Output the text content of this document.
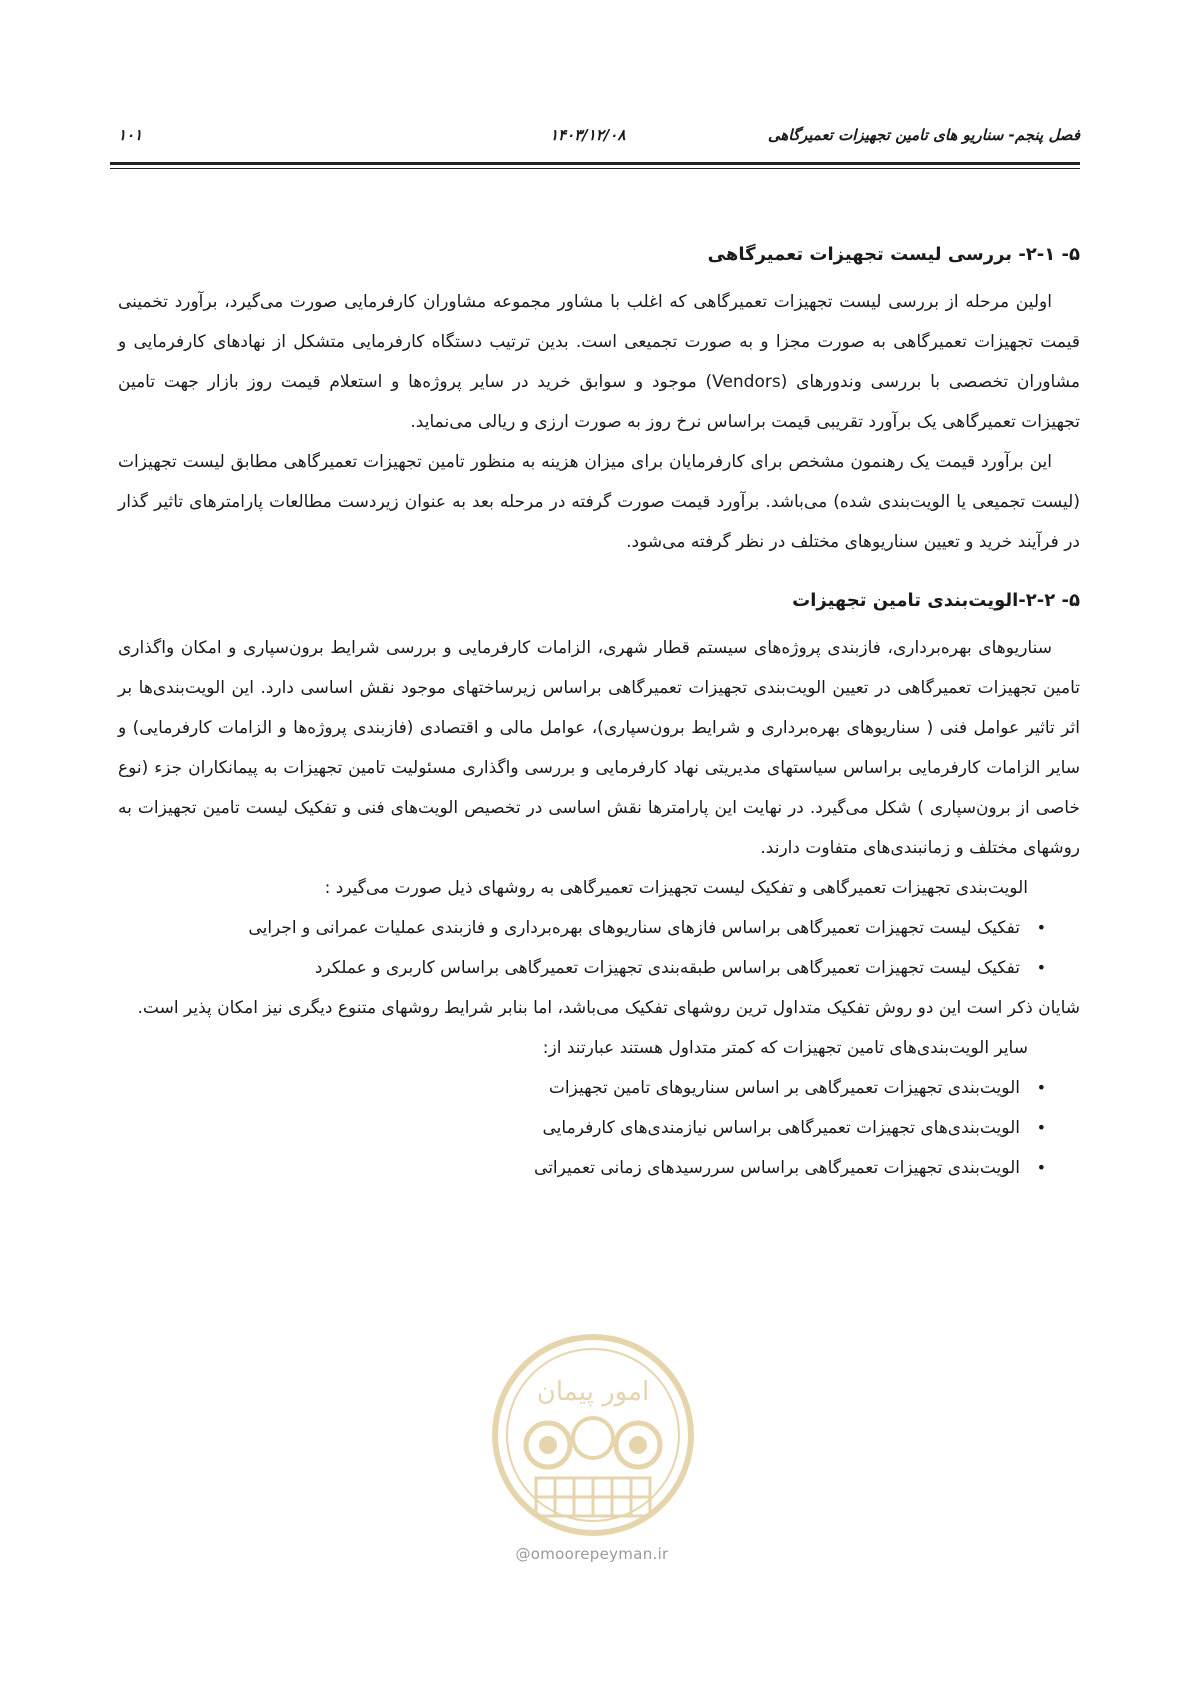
۱۰۱	۱۴۰۳/۱۲/۰۸	فصل پنجم- سناریو های تامین تجهیزات تعمیرگاهی
۵- ۲-۱- بررسی لیست تجهیزات تعمیرگاهی

اولین مرحله از بررسی لیست تجهیزات تعمیرگاهی که اغلب با مشاور مجموعه مشاوران کارفرمایی صورت می‌گیرد، برآورد تخمینی قیمت تجهیزات تعمیرگاهی به صورت مجزا و به صورت تجمیعی است. بدین ترتیب دستگاه کارفرمایی متشکل از نهادهای کارفرمایی و مشاوران تخصصی با بررسی وندورهای (Vendors) موجود و سوابق خرید در سایر پروژه‌ها و استعلام قیمت روز بازار جهت تامین تجهیزات تعمیرگاهی یک برآورد تقریبی قیمت براساس نرخ روز به صورت ارزی و ریالی می‌نماید.

این برآورد قیمت یک رهنمون مشخص برای کارفرمایان برای میزان هزینه به منظور تامین تجهیزات تعمیرگاهی مطابق لیست تجهیزات (لیست تجمیعی یا الویت‌بندی شده) می‌باشد. برآورد قیمت صورت گرفته در مرحله بعد به عنوان زیردست مطالعات پارامترهای تاثیر گذار در فرآیند خرید و تعیین سناریوهای مختلف در نظر گرفته می‌شود.

۵- ۲-۲-الویت‌بندی تامین تجهیزات

سناریوهای بهره‌برداری، فازبندی پروژه‌های سیستم قطار شهری، الزامات کارفرمایی و بررسی شرایط برون‌سپاری و امکان واگذاری تامین تجهیزات تعمیرگاهی در تعیین الویت‌بندی تجهیزات تعمیرگاهی براساس زیرساختهای موجود نقش اساسی دارد. این الویت‌بندی‌ها بر اثر تاثیر عوامل فنی ( سناریوهای بهره‌برداری و شرایط برون‌سپاری)، عوامل مالی و اقتصادی (فازبندی پروژه‌ها و الزامات کارفرمایی) و سایر الزامات کارفرمایی براساس سیاستهای مدیریتی نهاد کارفرمایی و بررسی واگذاری مسئولیت تامین تجهیزات به پیمانکاران جزء (نوع خاصی از برون‌سپاری ) شکل می‌گیرد. در نهایت این پارامترها نقش اساسی در تخصیص الویت‌های فنی و تفکیک لیست تامین تجهیزات به روشهای مختلف و زمانبندی‌های متفاوت دارند.

الویت‌بندی تجهیزات تعمیرگاهی و تفکیک لیست تجهیزات تعمیرگاهی به روشهای ذیل صورت می‌گیرد :

• تفکیک لیست تجهیزات تعمیرگاهی براساس فازهای سناریوهای بهره‌برداری و فازبندی عملیات عمرانی و اجرایی
• تفکیک لیست تجهیزات تعمیرگاهی براساس طبقه‌بندی تجهیزات تعمیرگاهی براساس کاربری و عملکرد

شایان ذکر است این دو روش تفکیک متداول ترین روشهای تفکیک می‌باشد، اما بنابر شرایط روشهای متنوع دیگری نیز امکان پذیر است.

سایر الویت‌بندی‌های تامین تجهیزات که کمتر متداول هستند عبارتند از:

• الویت‌بندی تجهیزات تعمیرگاهی بر اساس سناریوهای تامین تجهیزات
• الویت‌بندی‌های تجهیزات تعمیرگاهی براساس نیازمندی‌های کارفرمایی
• الویت‌بندی تجهیزات تعمیرگاهی براساس سررسیدهای زمانی تعمیراتی
امور پیمان
@omoorepeyman.ir
